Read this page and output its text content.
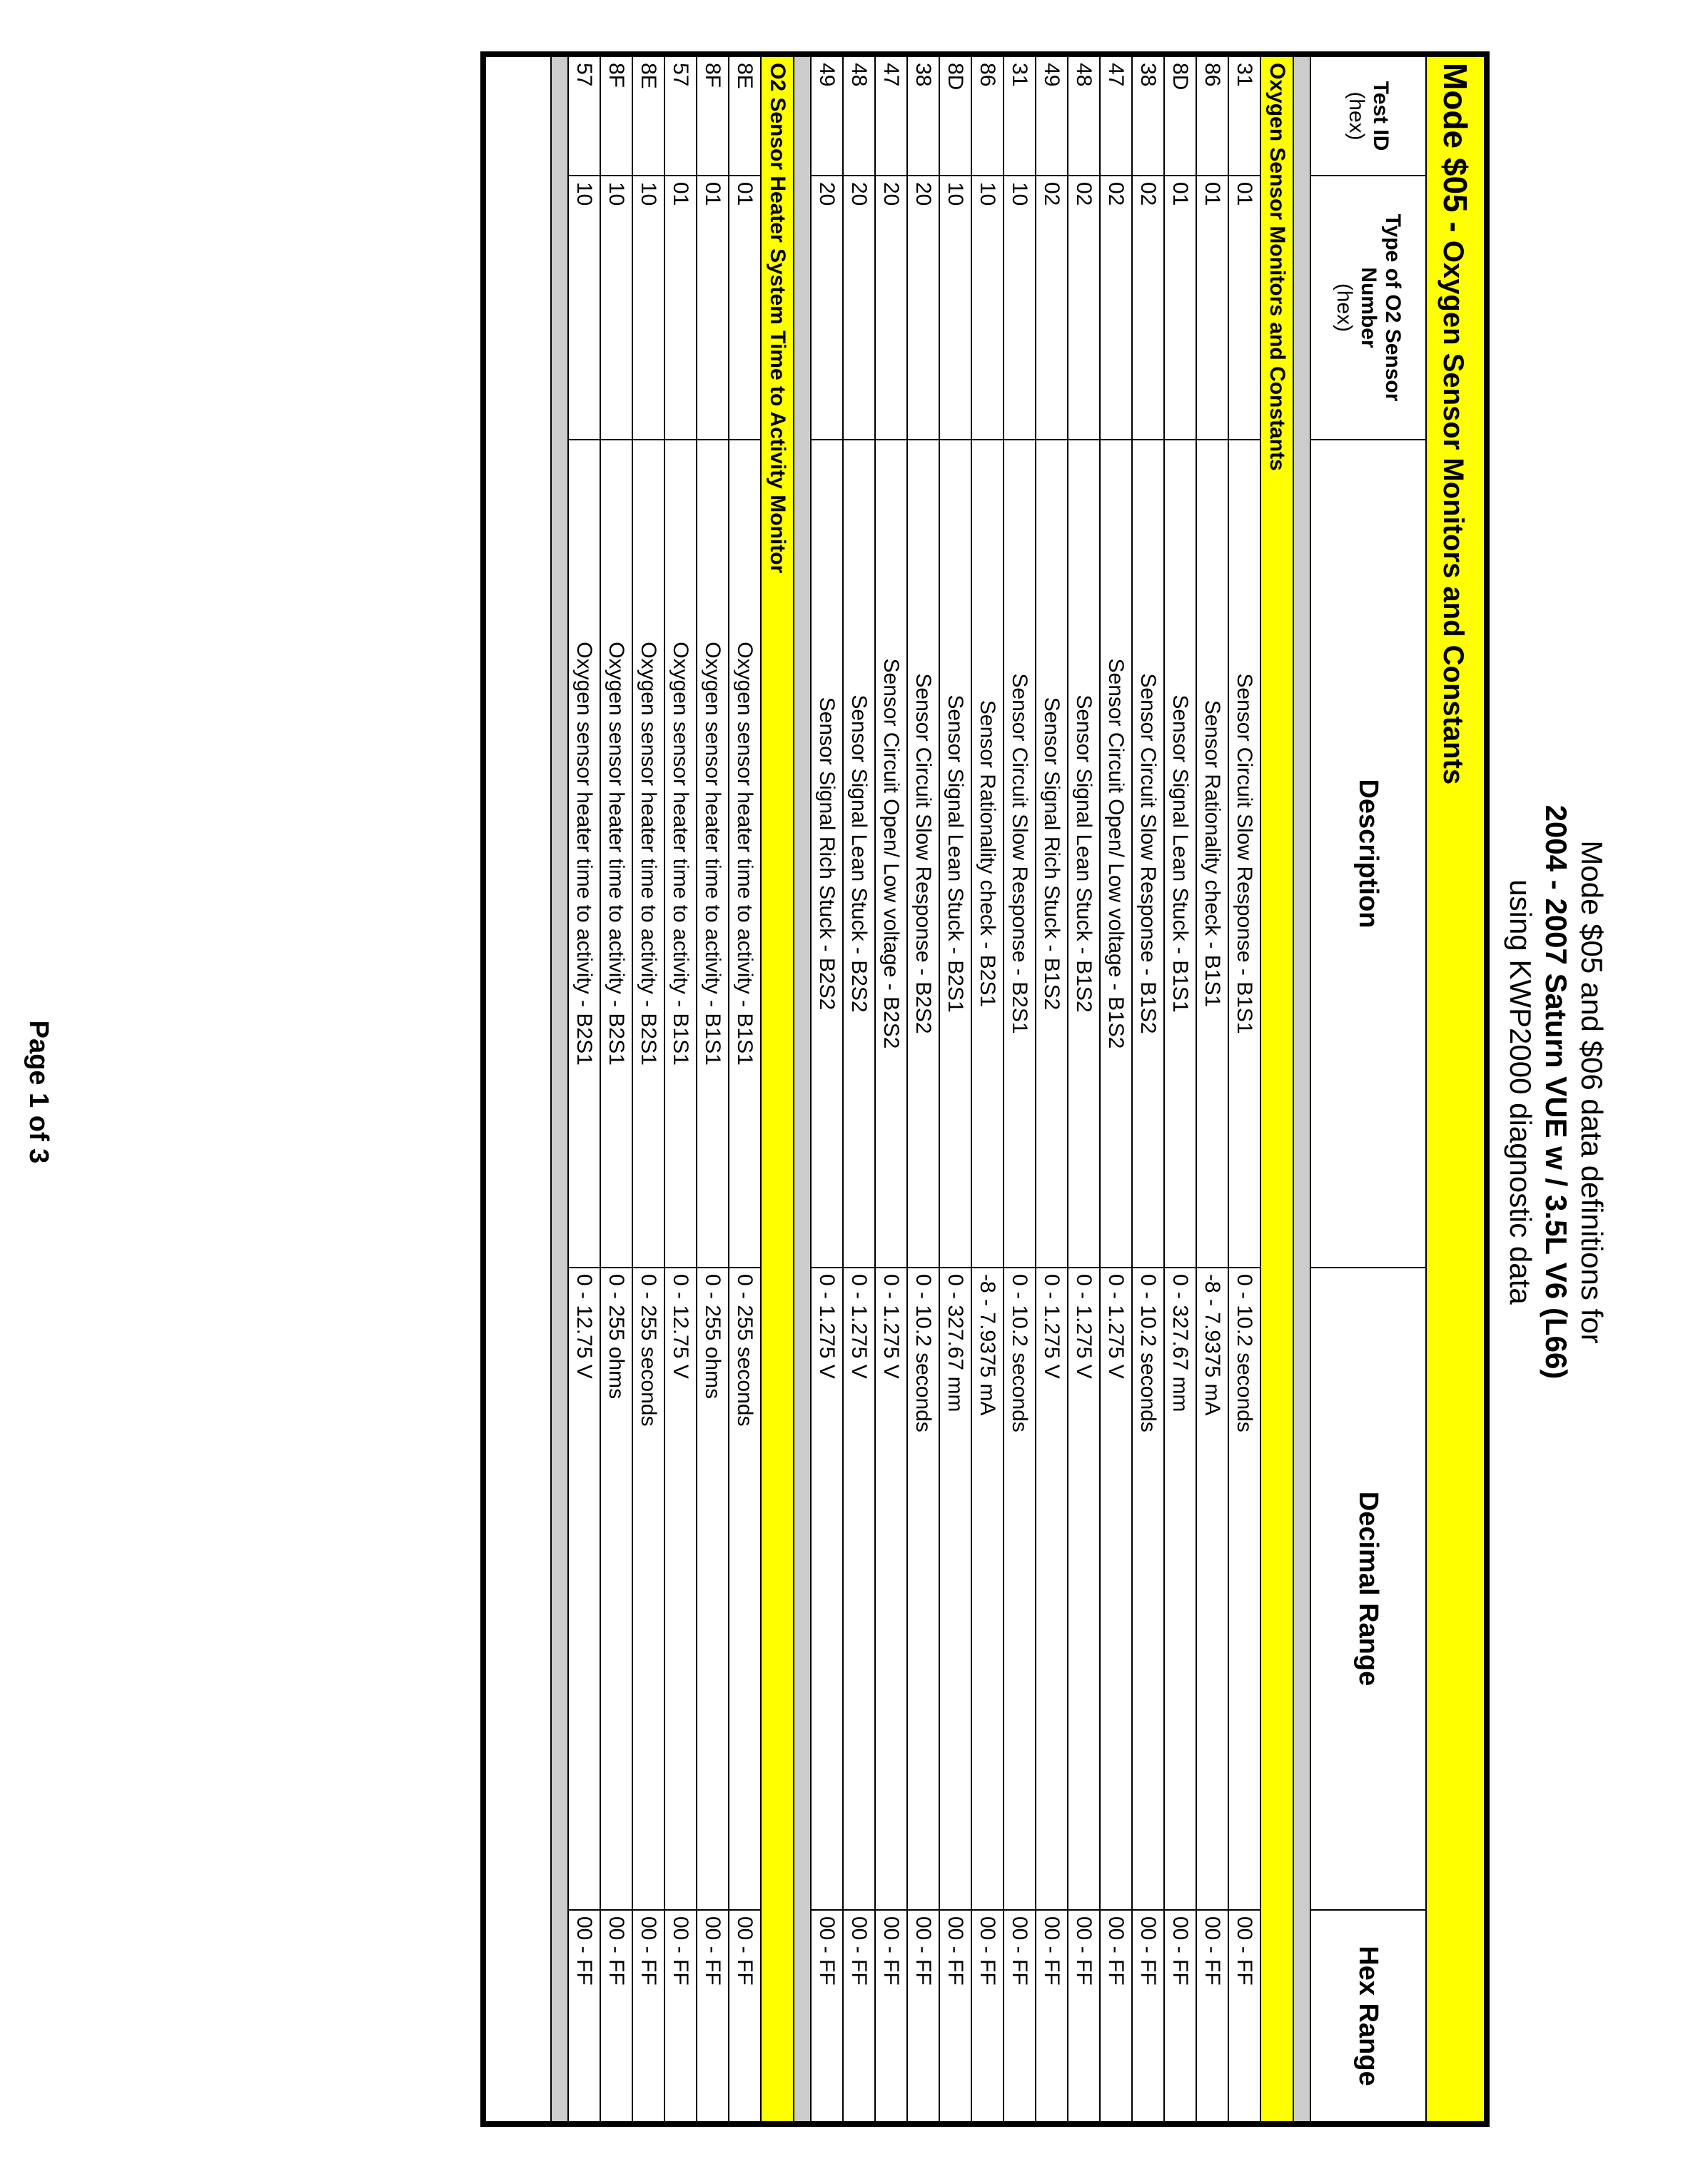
Mode $05 and $06 data definitions for
2004 - 2007 Saturn VUE w / 3.5L V6 (L66)
using KWP2000 diagnostic data
Mode $05 - Oxygen Sensor Monitors and Constants				
Test ID
(hex)	Type of O2 Sensor Number
(hex)	Description	Decimal Range	Hex Range

Oxygen Sensor Monitors and Constants				
31	01	Sensor Circuit Slow Response - B1S1	0 - 10.2 seconds	00 - FF
86	01	Sensor Rationality check - B1S1	-8 - 7.9375 mA	00 - FF
8D	01	Sensor Signal Lean Stuck - B1S1	0 - 327.67 mm	00 - FF
38	02	Sensor Circuit Slow Response - B1S2	0 - 10.2 seconds	00 - FF
47	02	Sensor Circuit Open/ Low voltage - B1S2	0 - 1.275 V	00 - FF
48	02	Sensor Signal Lean Stuck - B1S2	0 - 1.275 V	00 - FF
49	02	Sensor Signal Rich Stuck - B1S2	0 - 1.275 V	00 - FF
31	10	Sensor Circuit Slow Response - B2S1	0 - 10.2 seconds	00 - FF
86	10	Sensor Rationality check - B2S1	-8 - 7.9375 mA	00 - FF
8D	10	Sensor Signal Lean Stuck - B2S1	0 - 327.67 mm	00 - FF
38	20	Sensor Circuit Slow Response - B2S2	0 - 10.2 seconds	00 - FF
47	20	Sensor Circuit Open/ Low voltage - B2S2	0 - 1.275 V	00 - FF
48	20	Sensor Signal Lean Stuck - B2S2	0 - 1.275 V	00 - FF
49	20	Sensor Signal Rich Stuck - B2S2	0 - 1.275 V	00 - FF

O2 Sensor Heater System Time to Activity Monitor				
8E	01	Oxygen sensor heater time to activity - B1S1	0 - 255 seconds	00 - FF
8F	01	Oxygen sensor heater time to activity - B1S1	0 - 255 ohms	00 - FF
57	01	Oxygen sensor heater time to activity - B1S1	0 - 12.75 V	00 - FF
8E	10	Oxygen sensor heater time to activity - B2S1	0 - 255 seconds	00 - FF
8F	10	Oxygen sensor heater time to activity - B2S1	0 - 255 ohms	00 - FF
57	10	Oxygen sensor heater time to activity - B2S1	0 - 12.75 V	00 - FF

Page 1 of 3
